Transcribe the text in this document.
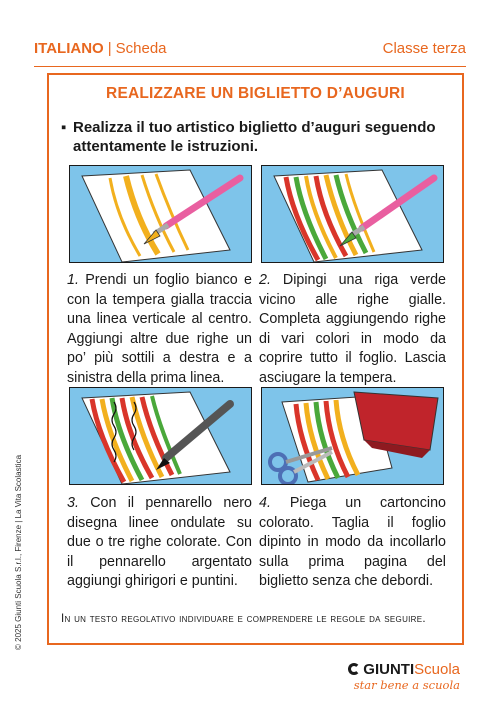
ITALIANO | Scheda	Classe terza
REALIZZARE UN BIGLIETTO D’AUGURI
▪ Realizza il tuo artistico biglietto d’auguri seguendo attentamente le istruzioni.
1. Prendi un foglio bianco e con la tempera gialla traccia una linea verticale al centro. Aggiungi altre due righe un po’ più sottili a destra e a sinistra della prima linea.
2. Dipingi una riga verde vicino alle righe gialle. Completa aggiungendo righe di vari colori in modo da coprire tutto il foglio. Lascia asciugare la tempera.
3. Con il pennarello nero disegna linee ondulate su due o tre righe colorate. Con il pennarello argentato aggiungi ghirigori e puntini.
4. Piega un cartoncino colorato. Taglia il foglio dipinto in modo da incollarlo sulla prima pagina del biglietto senza che debordi.
In un testo regolativo individuare e comprendere le regole da seguire.
© 2025 Giunti Scuola S.r.l., Firenze | La Vita Scolastica
GIUNTIScuola
star bene a scuola
